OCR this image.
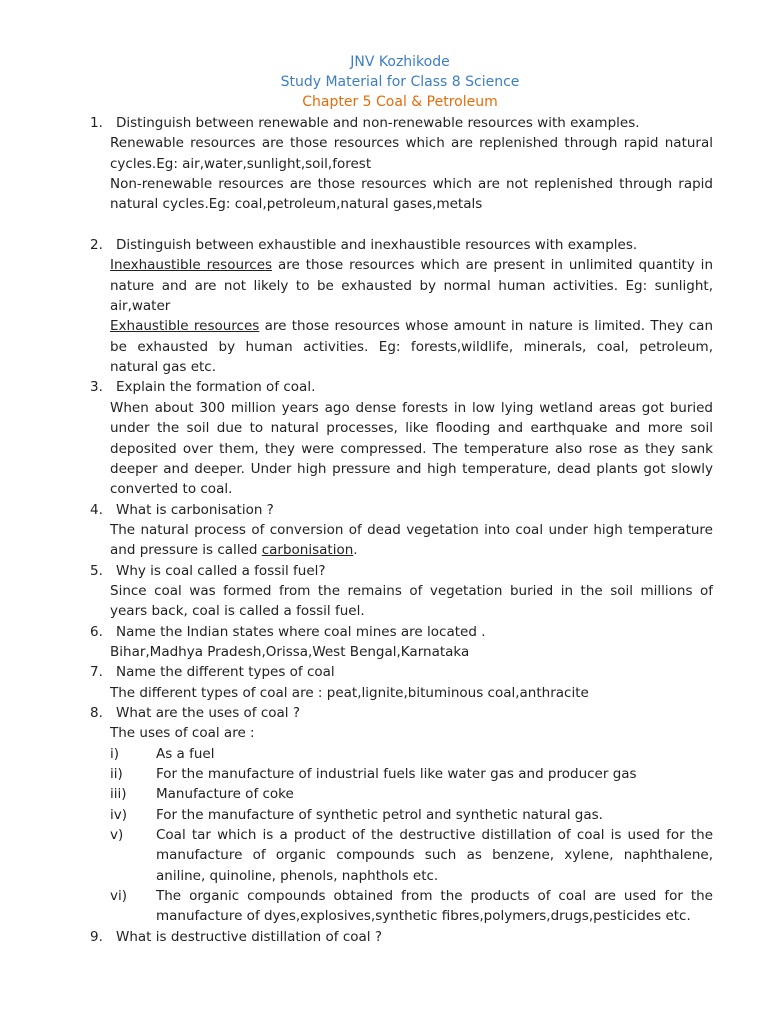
JNV Kozhikode
Study Material for Class 8 Science
Chapter 5 Coal & Petroleum
1. Distinguish between renewable and non-renewable resources with examples.
Renewable resources are those resources which are replenished through rapid natural
cycles.Eg: air,water,sunlight,soil,forest
Non-renewable resources are those resources which are not replenished through rapid
natural cycles.Eg: coal,petroleum,natural gases,metals
2. Distinguish between exhaustible and inexhaustible resources with examples.
Inexhaustible resources are those resources which are present in unlimited quantity in
nature and are not likely to be exhausted by normal human activities. Eg: sunlight,
air,water
Exhaustible resources are those resources whose amount in nature is limited. They can
be exhausted by human activities. Eg: forests,wildlife, minerals, coal, petroleum,
natural gas etc.
3. Explain the formation of coal.
When about 300 million years ago dense forests in low lying wetland areas got buried
under the soil due to natural processes, like flooding and earthquake and more soil
deposited over them, they were compressed. The temperature also rose as they sank
deeper and deeper. Under high pressure and high temperature, dead plants got slowly
converted to coal.
4. What is carbonisation ?
The natural process of conversion of dead vegetation into coal under high temperature
and pressure is called carbonisation.
5. Why is coal called a fossil fuel?
Since coal was formed from the remains of vegetation buried in the soil millions of
years back, coal is called a fossil fuel.
6. Name the Indian states where coal mines are located .
Bihar,Madhya Pradesh,Orissa,West Bengal,Karnataka
7. Name the different types of coal
The different types of coal are : peat,lignite,bituminous coal,anthracite
8. What are the uses of coal ?
The uses of coal are :
i)	As a fuel
ii) For the manufacture of industrial fuels like water gas and producer gas
iii) Manufacture of coke
iv) For the manufacture of synthetic petrol and synthetic natural gas.
v) Coal tar which is a product of the destructive distillation of coal is used for the
manufacture of organic compounds such as benzene, xylene, naphthalene,
aniline, quinoline, phenols, naphthols etc.
vi) The organic compounds obtained from the products of coal are used for the
manufacture of dyes,explosives,synthetic fibres,polymers,drugs,pesticides etc.
9. What is destructive distillation of coal ?
